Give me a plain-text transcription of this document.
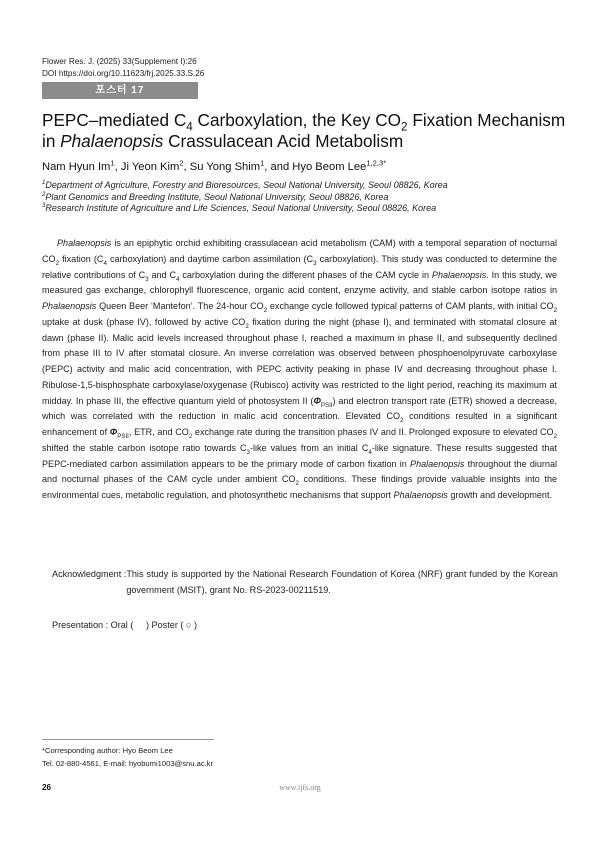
Flower Res. J. (2025) 33(Supplement I):26
DOI https://doi.org/10.11623/frj.2025.33.S.26
포스터 17
PEPC–mediated $C_4$ Carboxylation, the Key $CO_2$ Fixation Mechanism
in Phalaenopsis Crassulacean Acid Metabolism
Nam Hyun Im$^1$, Ji Yeon Kim$^2$, Su Yong Shim$^1$, and Hyo Beom Lee$^{1,2,3*}$
$^1$Department of Agriculture, Forestry and Bioresources, Seoul National University, Seoul 08826, Korea
$^2$Plant Genomics and Breeding Institute, Seoul National University, Seoul 08826, Korea
$^3$Research Institute of Agriculture and Life Sciences, Seoul National University, Seoul 08826, Korea

Phalaenopsis is an epiphytic orchid exhibiting crassulacean acid metabolism (CAM) with a temporal separation of nocturnal $CO_2$ fixation ($C_4$ carboxylation) and daytime carbon assimilation ($C_3$ carboxylation). This study was conducted to determine the relative contributions of $C_3$ and $C_4$ carboxylation during the different phases of the CAM cycle in Phalaenopsis. In this study, we measured gas exchange, chlorophyll fluorescence, organic acid content, enzyme activity, and stable carbon isotope ratios in Phalaenopsis Queen Beer ‘Mantefon’. The 24-hour $CO_2$ exchange cycle followed typical patterns of CAM plants, with initial $CO_2$ uptake at dusk (phase IV), followed by active $CO_2$ fixation during the night (phase I), and terminated with stomatal closure at dawn (phase II). Malic acid levels increased throughout phase I, reached a maximum in phase II, and subsequently declined from phase III to IV after stomatal closure. An inverse correlation was observed between phosphoenolpyruvate carboxylase (PEPC) activity and malic acid concentration, with PEPC activity peaking in phase IV and decreasing throughout phase I. Ribulose-1,5-bisphosphate carboxylase/oxygenase (Rubisco) activity was restricted to the light period, reaching its maximum at midday. In phase III, the effective quantum yield of photosystem II $(\Phi_{PSII})$ and electron transport rate (ETR) showed a decrease, which was correlated with the reduction in malic acid concentration. Elevated $CO_2$ conditions resulted in a significant enhancement of $\Phi_{PSII}$, ETR, and $CO_2$ exchange rate during the transition phases IV and II. Prolonged exposure to elevated $CO_2$ shifted the stable carbon isotope ratio towards $C_3$-like values from an initial $C_4$-like signature. These results suggested that PEPC-mediated carbon assimilation appears to be the primary mode of carbon fixation in Phalaenopsis throughout the diurnal and nocturnal phases of the CAM cycle under ambient $CO_2$ conditions. These findings provide valuable insights into the environmental cues, metabolic regulation, and photosynthetic mechanisms that support Phalaenopsis growth and development.

Acknowledgment : This study is supported by the National Research Foundation of Korea (NRF) grant funded by the Korean government (MSIT), grant No. RS-2023-00211519.
Presentation : Oral (     ) Poster ( ○ )
*Corresponding author: Hyo Beom Lee
Tel. 02-880-4561, E-mail: hyobumi1003@snu.ac.kr
26	www.ijfs.org
